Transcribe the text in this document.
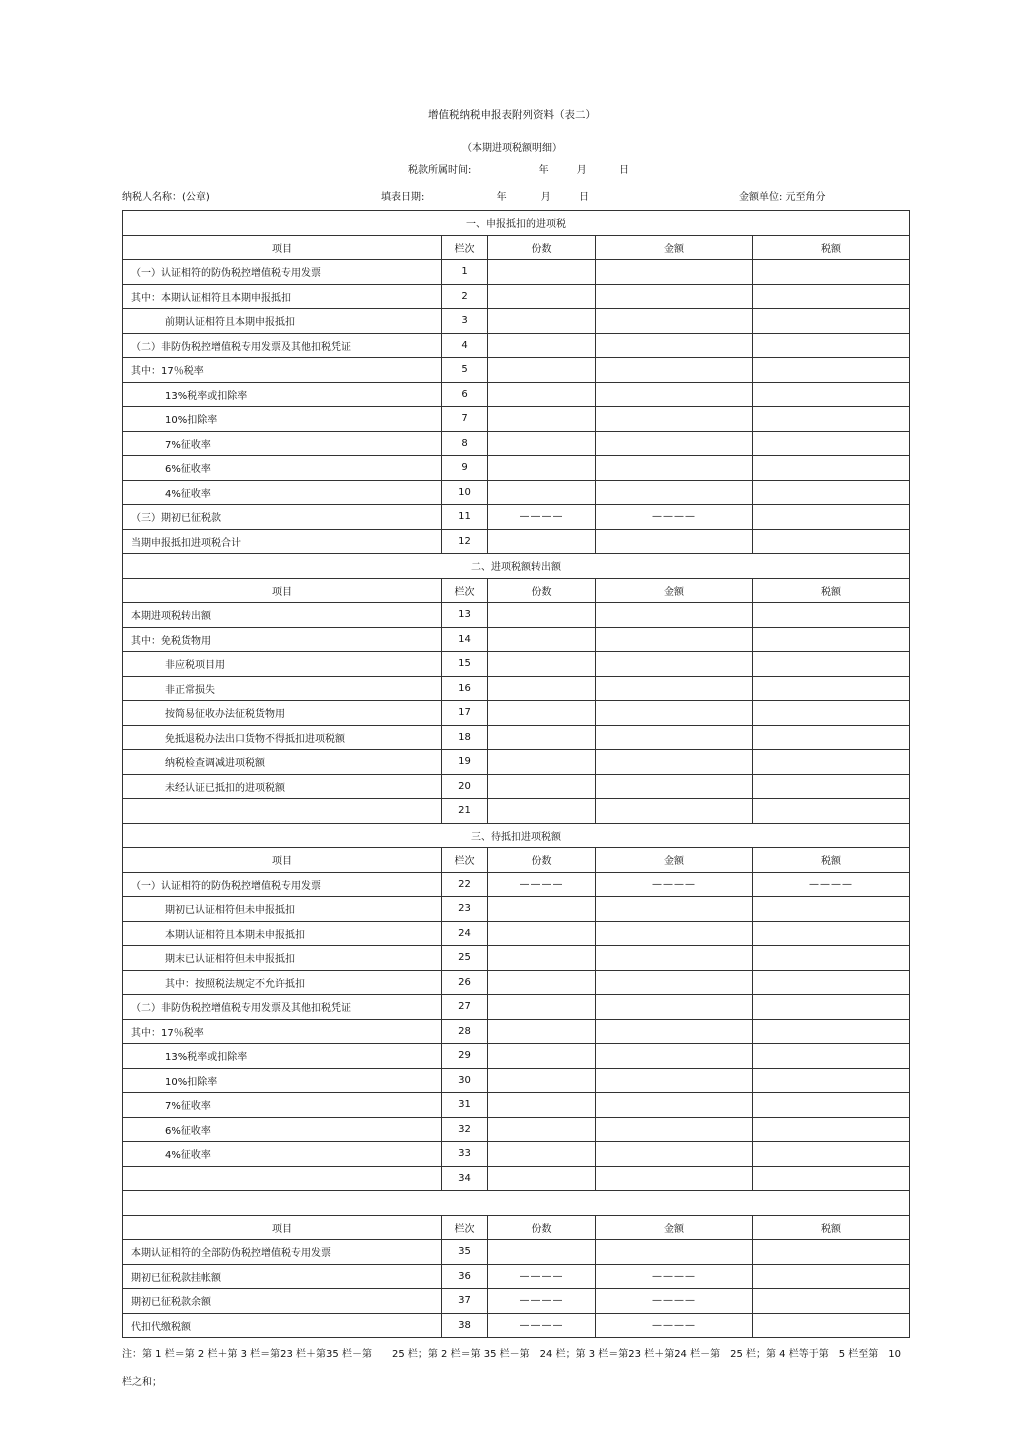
增值税纳税申报表附列资料（表二）
（本期进项税额明细）
税款所属时间:	年	月	日
纳税人名称：(公章)	填表日期:	年	月	日	金额单位: 元至角分
一、申报抵扣的进项税				
项目	栏次	份数	金额	税额
（一）认证相符的防伪税控增值税专用发票	1			
其中：本期认证相符且本期申报抵扣	2			
前期认证相符且本期申报抵扣	3			
（二）非防伪税控增值税专用发票及其他扣税凭证	4			
其中：17％税率	5			
13%税率或扣除率	6			
10%扣除率	7			
7%征收率	8			
6%征收率	9			
4%征收率	10			
（三）期初已征税款	11	————	————	
当期申报抵扣进项税合计	12			
二、进项税额转出额				
项目	栏次	份数	金额	税额
本期进项税转出额	13			
其中：免税货物用	14			
非应税项目用	15			
非正常损失	16			
按简易征收办法征税货物用	17			
免抵退税办法出口货物不得抵扣进项税额	18			
纳税检查调减进项税额	19			
未经认证已抵扣的进项税额	20			
	21			
三、待抵扣进项税额				
项目	栏次	份数	金额	税额
（一）认证相符的防伪税控增值税专用发票	22	————	————	————
期初已认证相符但未申报抵扣	23			
本期认证相符且本期未申报抵扣	24			
期末已认证相符但未申报抵扣	25			
其中：按照税法规定不允许抵扣	26			
（二）非防伪税控增值税专用发票及其他扣税凭证	27			
其中：17％税率	28			
13%税率或扣除率	29			
10%扣除率	30			
7%征收率	31			
6%征收率	32			
4%征收率	33			
	34			

项目	栏次	份数	金额	税额
本期认证相符的全部防伪税控增值税专用发票	35			
期初已征税款挂帐额	36	————	————	
期初已征税款余额	37	————	————	
代扣代缴税额	38	————	————	
注：第 1 栏＝第 2 栏＋第 3 栏＝第23 栏＋第35 栏－第　　25 栏；第 2 栏＝第 35 栏－第　24 栏；第 3 栏＝第23 栏＋第24 栏－第　25 栏；第 4 栏等于第　5 栏至第　10 栏之和；
